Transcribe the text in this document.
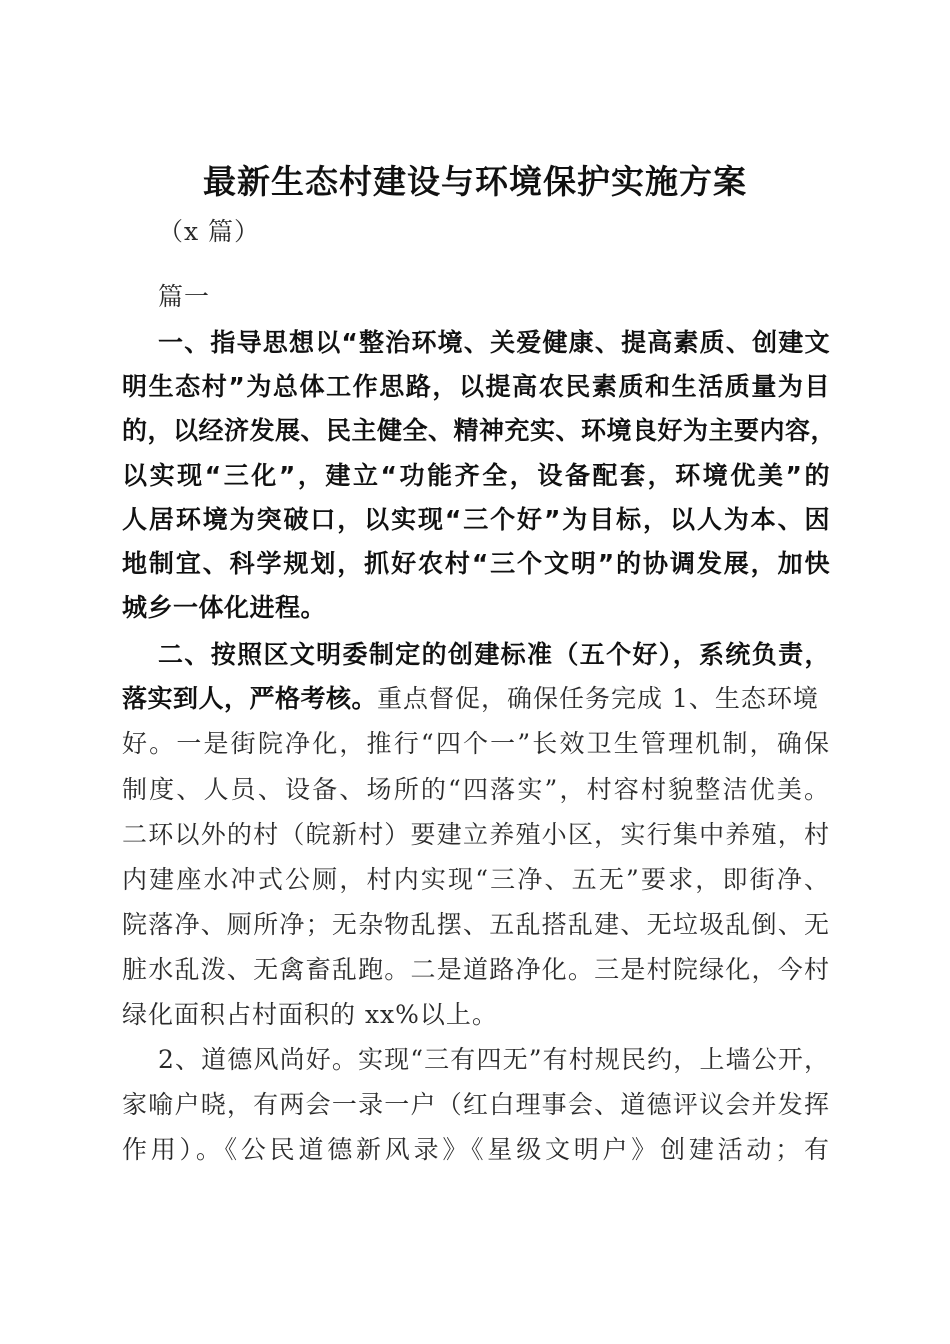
最新生态村建设与环境保护实施方案

（x 篇）

篇一

一、指导思想以“整治环境、关爱健康、提高素质、创建文

明生态村”为总体工作思路，以提高农民素质和生活质量为目

的，以经济发展、民主健全、精神充实、环境良好为主要内容，

以实现“三化”，建立“功能齐全，设备配套，环境优美”的

人居环境为突破口，以实现“三个好”为目标，以人为本、因

地制宜、科学规划，抓好农村“三个文明”的协调发展，加快

城乡一体化进程。

二、按照区文明委制定的创建标准（五个好），系统负责，

落实到人，严格考核。重点督促，确保任务完成 1、生态环境

好。一是街院净化，推行“四个一”长效卫生管理机制，确保

制度、人员、设备、场所的“四落实”，村容村貌整洁优美。

二环以外的村（皖新村）要建立养殖小区，实行集中养殖，村

内建座水冲式公厕，村内实现“三净、五无”要求，即街净、

院落净、厕所净；无杂物乱摆、五乱搭乱建、无垃圾乱倒、无

脏水乱泼、无禽畜乱跑。二是道路净化。三是村院绿化，今村

绿化面积占村面积的 xx%以上。

2、道德风尚好。实现“三有四无”有村规民约，上墙公开，

家喻户晓，有两会一录一户（红白理事会、道德评议会并发挥

作用）。《公民道德新风录》《星级文明户》创建活动；有
